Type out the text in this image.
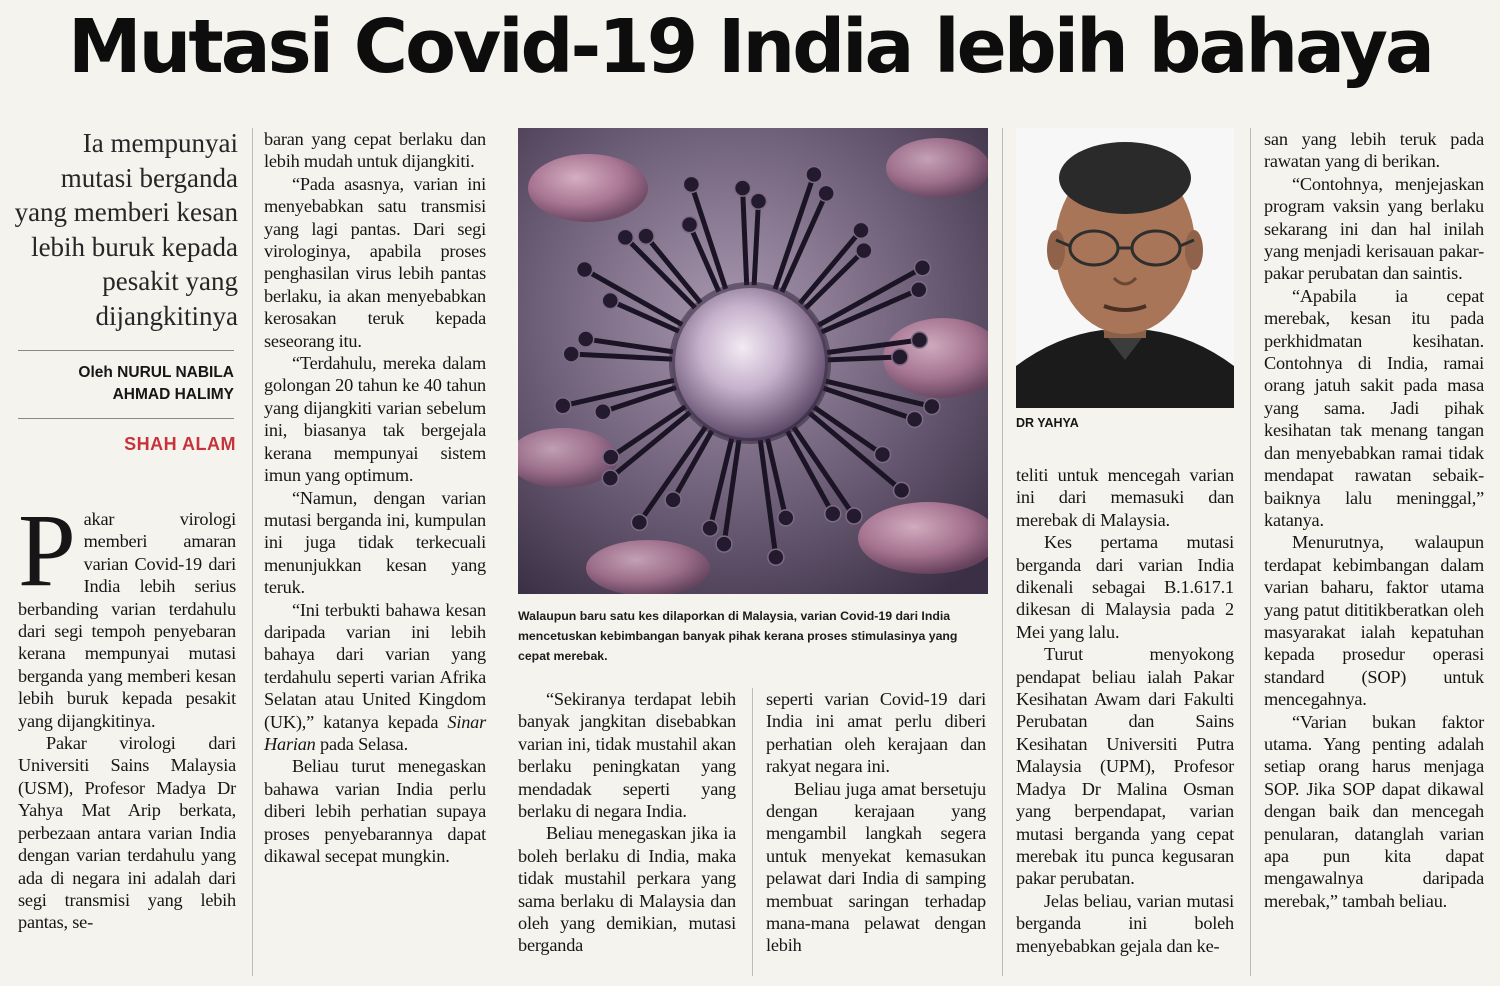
Mutasi Covid-19 India lebih bahaya
Ia mempunyai mutasi berganda yang memberi kesan lebih buruk kepada pesakit yang dijangkitinya
Oleh NURUL NABILA
AHMAD HALIMY
SHAH ALAM

Pakar virologi memberi amaran varian Covid-19 dari India lebih serius berbanding varian terdahulu dari segi tempoh penyebaran kerana mempunyai mutasi berganda yang memberi kesan lebih buruk kepada pesakit yang dijangkitinya.

Pakar virologi dari Universiti Sains Malaysia (USM), Profesor Madya Dr Yahya Mat Arip berkata, perbezaan antara varian India dengan varian terdahulu yang ada di negara ini adalah dari segi transmisi yang lebih pantas, se-

baran yang cepat berlaku dan lebih mudah untuk dijangkiti.

“Pada asasnya, varian ini menyebabkan satu transmisi yang lagi pantas. Dari segi virologinya, apabila proses penghasilan virus lebih pantas berlaku, ia akan menyebabkan kerosakan teruk kepada seseorang itu.

“Terdahulu, mereka dalam golongan 20 tahun ke 40 tahun yang dijangkiti varian sebelum ini, biasanya tak bergejala kerana mempunyai sistem imun yang optimum.

“Namun, dengan varian mutasi berganda ini, kumpulan ini juga tidak terkecuali menunjukkan kesan yang teruk.

“Ini terbukti bahawa kesan daripada varian ini lebih bahaya dari varian yang terdahulu seperti varian Afrika Selatan atau United Kingdom (UK),” katanya kepada Sinar Harian pada Selasa.

Beliau turut menegaskan bahawa varian India perlu diberi lebih perhatian supaya proses penyebarannya dapat dikawal secepat mungkin.

Walaupun baru satu kes dilaporkan di Malaysia, varian Covid-19 dari India mencetuskan kebimbangan banyak pihak kerana proses stimulasinya yang cepat merebak.

“Sekiranya terdapat lebih banyak jangkitan disebabkan varian ini, tidak mustahil akan berlaku peningkatan yang mendadak seperti yang berlaku di negara India.

Beliau menegaskan jika ia boleh berlaku di India, maka tidak mustahil perkara yang sama berlaku di Malaysia dan oleh yang demikian, mutasi berganda

seperti varian Covid-19 dari India ini amat perlu diberi perhatian oleh kerajaan dan rakyat negara ini.

Beliau juga amat bersetuju dengan kerajaan yang mengambil langkah segera untuk menyekat kemasukan pelawat dari India di samping membuat saringan terhadap mana-mana pelawat dengan lebih

DR YAHYA

teliti untuk mencegah varian ini dari memasuki dan merebak di Malaysia.

Kes pertama mutasi berganda dari varian India dikenali sebagai B.1.617.1 dikesan di Malaysia pada 2 Mei yang lalu.

Turut menyokong pendapat beliau ialah Pakar Kesihatan Awam dari Fakulti Perubatan dan Sains Kesihatan Universiti Putra Malaysia (UPM), Profesor Madya Dr Malina Osman yang berpendapat, varian mutasi berganda yang cepat merebak itu punca kegusaran pakar perubatan.

Jelas beliau, varian mutasi berganda ini boleh menyebabkan gejala dan ke-

san yang lebih teruk pada rawatan yang di berikan.

“Contohnya, menjejaskan program vaksin yang berlaku sekarang ini dan hal inilah yang menjadi kerisauan pakar-pakar perubatan dan saintis.

“Apabila ia cepat merebak, kesan itu pada perkhidmatan kesihatan. Contohnya di India, ramai orang jatuh sakit pada masa yang sama. Jadi pihak kesihatan tak menang tangan dan menyebabkan ramai tidak mendapat rawatan sebaik-baiknya lalu meninggal,” katanya.

Menurutnya, walaupun terdapat kebimbangan dalam varian baharu, faktor utama yang patut dititikberatkan oleh masyarakat ialah kepatuhan kepada prosedur operasi standard (SOP) untuk mencegahnya.

“Varian bukan faktor utama. Yang penting adalah setiap orang harus menjaga SOP. Jika SOP dapat dikawal dengan baik dan mencegah penularan, datanglah varian apa pun kita dapat mengawalnya daripada merebak,” tambah beliau.
